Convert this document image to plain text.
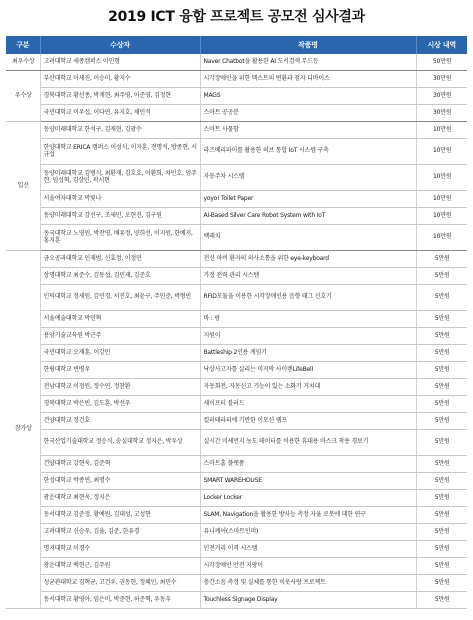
2019 ICT 융합 프로젝트 공모전 심사결과
구분	수상자	작품명	시상 내역
최우수상	고려대학교 세종캠퍼스 이민형	Naver Chatbot을 활용한 AI 도서검색 무드등	50만원
우수상	부산대학교 이세진, 이승미, 황지수	시각장애인을 위한 텍스트의 변환과 점자 디바이스	30만원
	경북대학교 황선종, 박재현, 최주영, 이준영, 김정현	MAGS	30만원
	국민대학교 이우섭, 이다연, 유지호, 채민석	스마트 공공분	30만원
입선	동양미래대학교 한석구, 김재현, 김광수	스마트 사물함	10만원
	한양대학교 ERICA 캠퍼스 이성식, 이지훈, 전명석, 방종현, 서규섭	라즈베리파이를 활용한 허브 통합 IoT 시스템 구축	10만원
	동양미래대학교 김병식, 최환재, 김호호, 이환희, 차민호, 엄주헌, 임성혁, 김상민, 곽서현	자동주차 시스템	10만원
	서울여자대학교 박빛나	yoyo! Toilet Paper	10만원
	동양미래대학교 강선구, 조세민, 오현진, 김구원	AI-Based Silver Care Robot System with IoT	10만원
	동국대학교 노영원, 박찬영, 배유정, 양희선, 이지원, 한예지, 홍지훈	백패치	10만원
참가상	금오공과대학교 인재범, 신효정, 이정민	전신 마비 환자의 의사소통을 위한 eye-keyboard	5만원
	상명대학교 최준수, 김동섭, 김민재, 김준호	가정 전력 관리 시스템	5만원
	인덕대학교 정세원, 김민경, 서진호, 최윤구, 주민준, 박형빈	RFID모듈을 이용한 시각장애인용 음향 태그 신호기	5만원
	서울예술대학교 박민혁	바 : 랑	5만원
	용암기술교육원 박근주	지원이	5만원
	국민대학교 오재훈, 이강민	Battleship 2인용 게임기	5만원
	한림대학교 빈병우	낙상사고자를 살리는 미지막 사이렌LifeBell	5만원
	전남대학교 이정원, 정수연, 정찬환	자동회전, 자동신고 기능이 있는 소화기 거치대	5만원
	경북대학교 박은빈, 김도훈, 박선우	세이프티 블러드	5만원
	건양대학교 정건호	컬러테라피에 기반한 이모션 램프	5만원
	한국산업기술대학교 정승식, 숭실대학교 정지은, 박우상	실시간 미세먼지 농도 데이터를 이용한 휴대용 마스크 착용 경보기	5만원
	건양대학교 강현욱, 김준혁	스마트홈 플랫폼	5만원
	한성대학교 박종연, 최명수	SMART WAREHOUSE	5만원
	광운대학교 최현욱, 정지은	Locker Locker	5만원
	동서대학교 김준정, 황예원, 김대성, 고성현	SLAM, Navigation을 활용한 방사능 측정 자율 로봇에 대한 연구	5만원
	고려대학교 신승우, 김율, 김준, 한유경	유니케어(스마트인퍼)	5만원
	명지대학교 이경수	인전거리 이격 시스템	5만원
	광운대학교 백현근, 김주원	시각장애인 안전 지팡이	5만원
	성균관대학교 김혁균, 고건우, 권동현, 정혜인, 최민수	충간소음 측정 및 실체를 통한 이웃사랑 프로젝트	5만원
	동서대학교 황영아, 임은비, 박준현, 허준혁, 우동우	Touchless Signage Display	5만원
